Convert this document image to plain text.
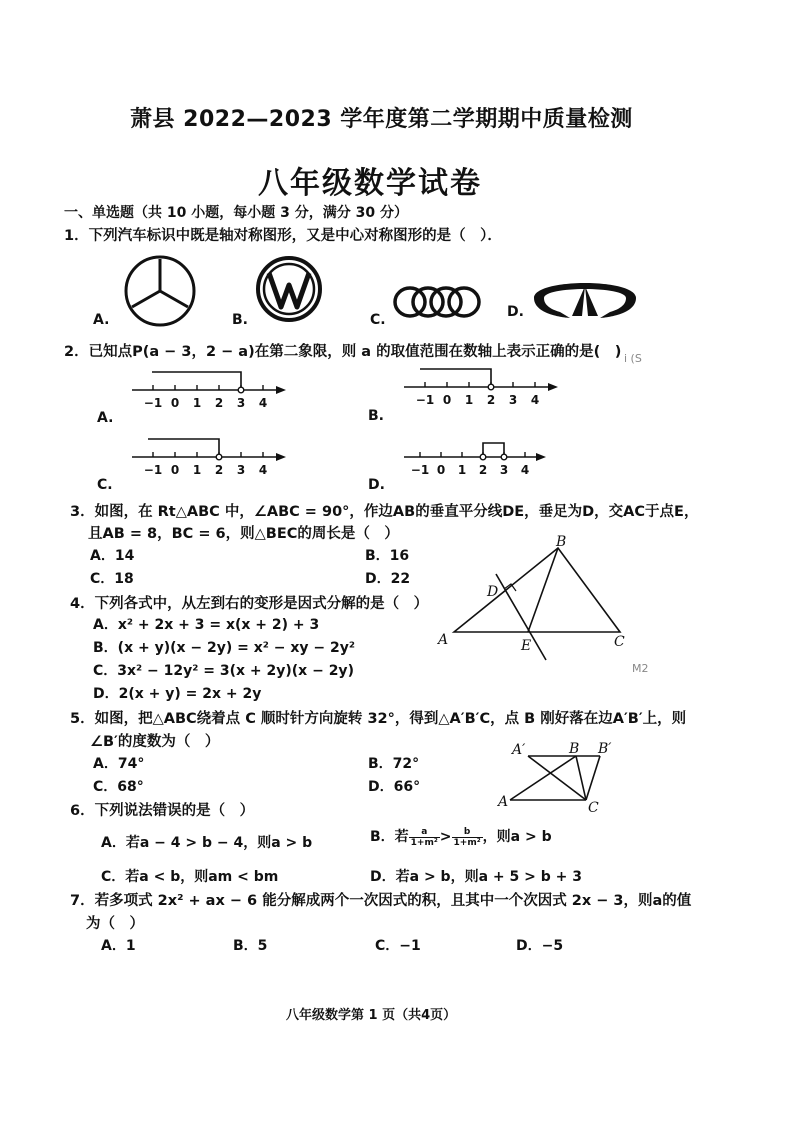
萧县 2022—2023 学年度第二学期期中质量检测
八年级数学试卷
一、单选题（共 10 小题，每小题 3 分，满分 30 分）
1．下列汽车标识中既是轴对称图形，又是中心对称图形的是（　）．
A.	B.	C.	D.
2．已知点P(a − 3，2 − a)在第二象限，则 a 的取值范围在数轴上表示正确的是(　) i (S
A.
−1 0 1 2 3 4
B.
−1 0 1 2 3 4
C.
−1 0 1 2 3 4
D.
−1 0 1 2 3 4
3．如图，在 Rt△ABC 中，∠ABC = 90°，作边AB的垂直平分线DE，垂足为D，交AC于点E，
且AB = 8，BC = 6，则△BEC的周长是（　）
A．14	B．16
C．18	D．22
A
B
C
D
E
4．下列各式中，从左到右的变形是因式分解的是（　）
A．x² + 2x + 3 = x(x + 2) + 3
B．(x + y)(x − 2y) = x² − xy − 2y²
C．3x² − 12y² = 3(x + 2y)(x − 2y)
D．2(x + y) = 2x + 2y
M2
5．如图，把△ABC绕着点 C 顺时针方向旋转 32°，得到△A′B′C，点 B 刚好落在边A′B′上，则
∠B′的度数为（　）
A．74°	B．72°
C．68°	D．66°
A′	B B′
A	C
6．下列说法错误的是（　）
A．若a − 4 > b − 4，则a > b	B．若 $\frac{a}{\text{1+m²}} > \frac{b}{\text{1+m²}}$ ，则a > b
C．若a < b，则am < bm	D．若a > b，则a + 5 > b + 3
7．若多项式 2x² + ax − 6 能分解成两个一次因式的积，且其中一个次因式 2x − 3，则a的值
为（　）
A．1	B．5	C．−1	D．−5
八年级数学第 1 页（共4页）
